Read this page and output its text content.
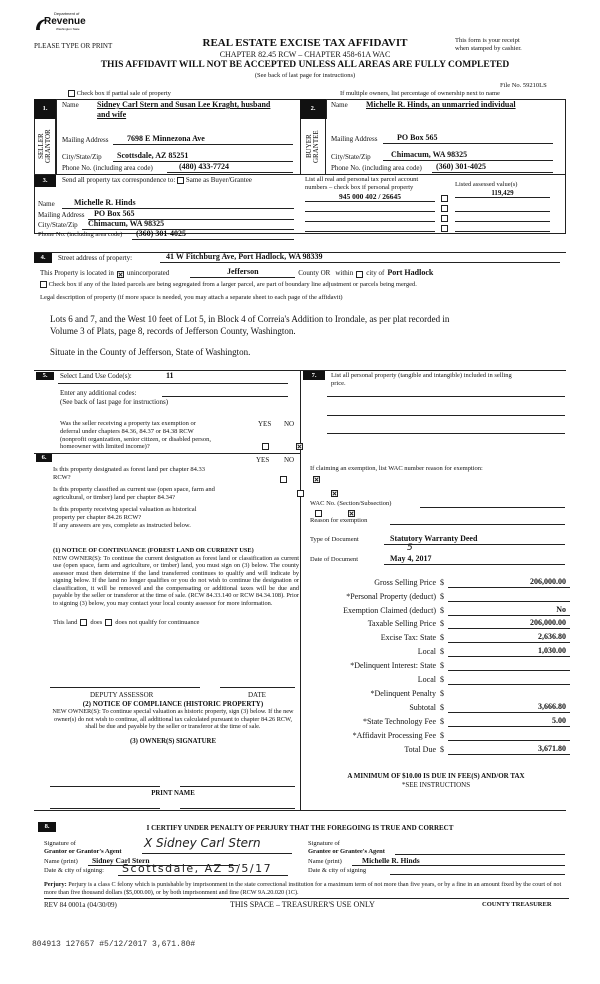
Department of
Revenue
Washington State
PLEASE TYPE OR PRINT	REAL ESTATE EXCISE TAX AFFIDAVIT
CHAPTER 82.45 RCW – CHAPTER 458-61A WAC
This form is your receipt
when stamped by cashier.
THIS AFFIDAVIT WILL NOT BE ACCEPTED UNLESS ALL AREAS ARE FULLY COMPLETED
(See back of last page for instructions)
File No. 59210LS
Check box if partial sale of property	If multiple owners, list percentage of ownership next to name
1.
SELLER GRANTOR
Name Sidney Carl Stern and Susan Lee Kraght, husband
and wife
Mailing Address	7698 E Minnezona Ave
City/State/Zip	Scottsdale, AZ 85251
Phone No. (including area code)	(480) 433-7724
2.
BUYER GRANTEE
Name Michelle R. Hinds, an unmarried individual
Mailing Address	PO Box 565
City/State/Zip	Chimacum, WA 98325
Phone No. (including area code)	(360) 301-4025
3.	Send all property tax correspondence to: Same as Buyer/Grantee
Name	Michelle R. Hinds
Mailing Address	PO Box 565
City/State/Zip	Chimacum, WA 98325
Phone No. (including area code)	(360) 301-4025
List all real and personal tax parcel account
numbers – check box if personal property	Listed assessed value(s)
945 000 402 / 26645	119,429
4.	Street address of property:	41 W Fitchburg Ave, Port Hadlock, WA 98339
This Property is located in unincorporated	Jefferson	County OR within city of Port Hadlock
Check box if any of the listed parcels are being segregated from a larger parcel, are part of boundary line adjustment or parcels being merged.
Legal description of property (if more space is needed, you may attach a separate sheet to each page of the affidavit)
Lots 6 and 7, and the West 10 feet of Lot 5, in Block 4 of Correia's Addition to Irondale, as per plat recorded in
Volume 3 of Plats, page 8, records of Jefferson County, Washington.
Situate in the County of Jefferson, State of Washington.
5.	Select Land Use Code(s):	11
Enter any additional codes:
(See back of last page for instructions)
YES NO
Was the seller receiving a property tax exemption or
deferral under chapters 84.36, 84.37 or 84.38 RCW
(nonprofit organization, senior citizen, or disabled person,
homeowner with limited income)?

6.	YES NO
Is this property designated as forest land per chapter 84.33
RCW?

Is this property classified as current use (open space, farm and
agricultural, or timber) land per chapter 84.34?

Is this property receiving special valuation as historical
property per chapter 84.26 RCW?
If any answers are yes, complete as instructed below.

(1) NOTICE OF CONTINUANCE (FOREST LAND OR CURRENT USE)
NEW OWNER(S): To continue the current designation as forest land or classification as current use (open space, farm and agriculture, or timber) land, you must sign on (3) below. The county assessor must then determine if the land transferred continues to qualify and will indicate by signing below. If the land no longer qualifies or you do not wish to continue the designation or classification, it will be removed and the compensating or additional taxes will be due and payable by the seller or transferor at the time of sale. (RCW 84.33.140 or RCW 84.34.108). Prior to signing (3) below, you may contact your local county assessor for more information.
This land does does not qualify for continuance
DEPUTY ASSESSOR	DATE
(2) NOTICE OF COMPLIANCE (HISTORIC PROPERTY)
NEW OWNER(S): To continue special valuation as historic property, sign (3) below. If the new owner(s) do not wish to continue, all additional tax calculated pursuant to chapter 84.26 RCW, shall be due and payable by the seller or transferor at the time of sale.
(3) OWNER(S) SIGNATURE
PRINT NAME
7.	List all personal property (tangible and intangible) included in selling
price.
If claiming an exemption, list WAC number reason for exemption:
WAC No. (Section/Subsection)
Reason for exemption
Type of Document	Statutory Warranty Deed
Date of Document	May 4, 2017
5
Gross Selling Price $	206,000.00
*Personal Property (deduct) $
Exemption Claimed (deduct) $	No
Taxable Selling Price $	206,000.00
Excise Tax: State $	2,636.80
Local $	1,030.00
*Delinquent Interest: State $
Local $
*Delinquent Penalty $
Subtotal $	3,666.80
*State Technology Fee $	5.00
*Affidavit Processing Fee $
Total Due $	3,671.80
A MINIMUM OF $10.00 IS DUE IN FEE(S) AND/OR TAX
*SEE INSTRUCTIONS
8.	I CERTIFY UNDER PENALTY OF PERJURY THAT THE FOREGOING IS TRUE AND CORRECT
Signature of
Grantor or Grantor's Agent
X Sidney Carl Stern
Name (print)	Sidney Carl Stern
Date & city of signing:	Scottsdale, AZ 5/5/17
Signature of
Grantee or Grantee's Agent
Name (print)	Michelle R. Hinds
Date & city of signing
Perjury: Perjury is a class C felony which is punishable by imprisonment in the state correctional institution for a maximum term of not more than five years, or by a fine in an amount fixed by the court of not more than five thousand dollars ($5,000.00), or by both imprisonment and fine (RCW 9A.20.020 (1C).
REV 84 0001a (04/30/09)	THIS SPACE – TREASURER'S USE ONLY	COUNTY TREASURER
804913 127657 #5/12/2017 3,671.80#
